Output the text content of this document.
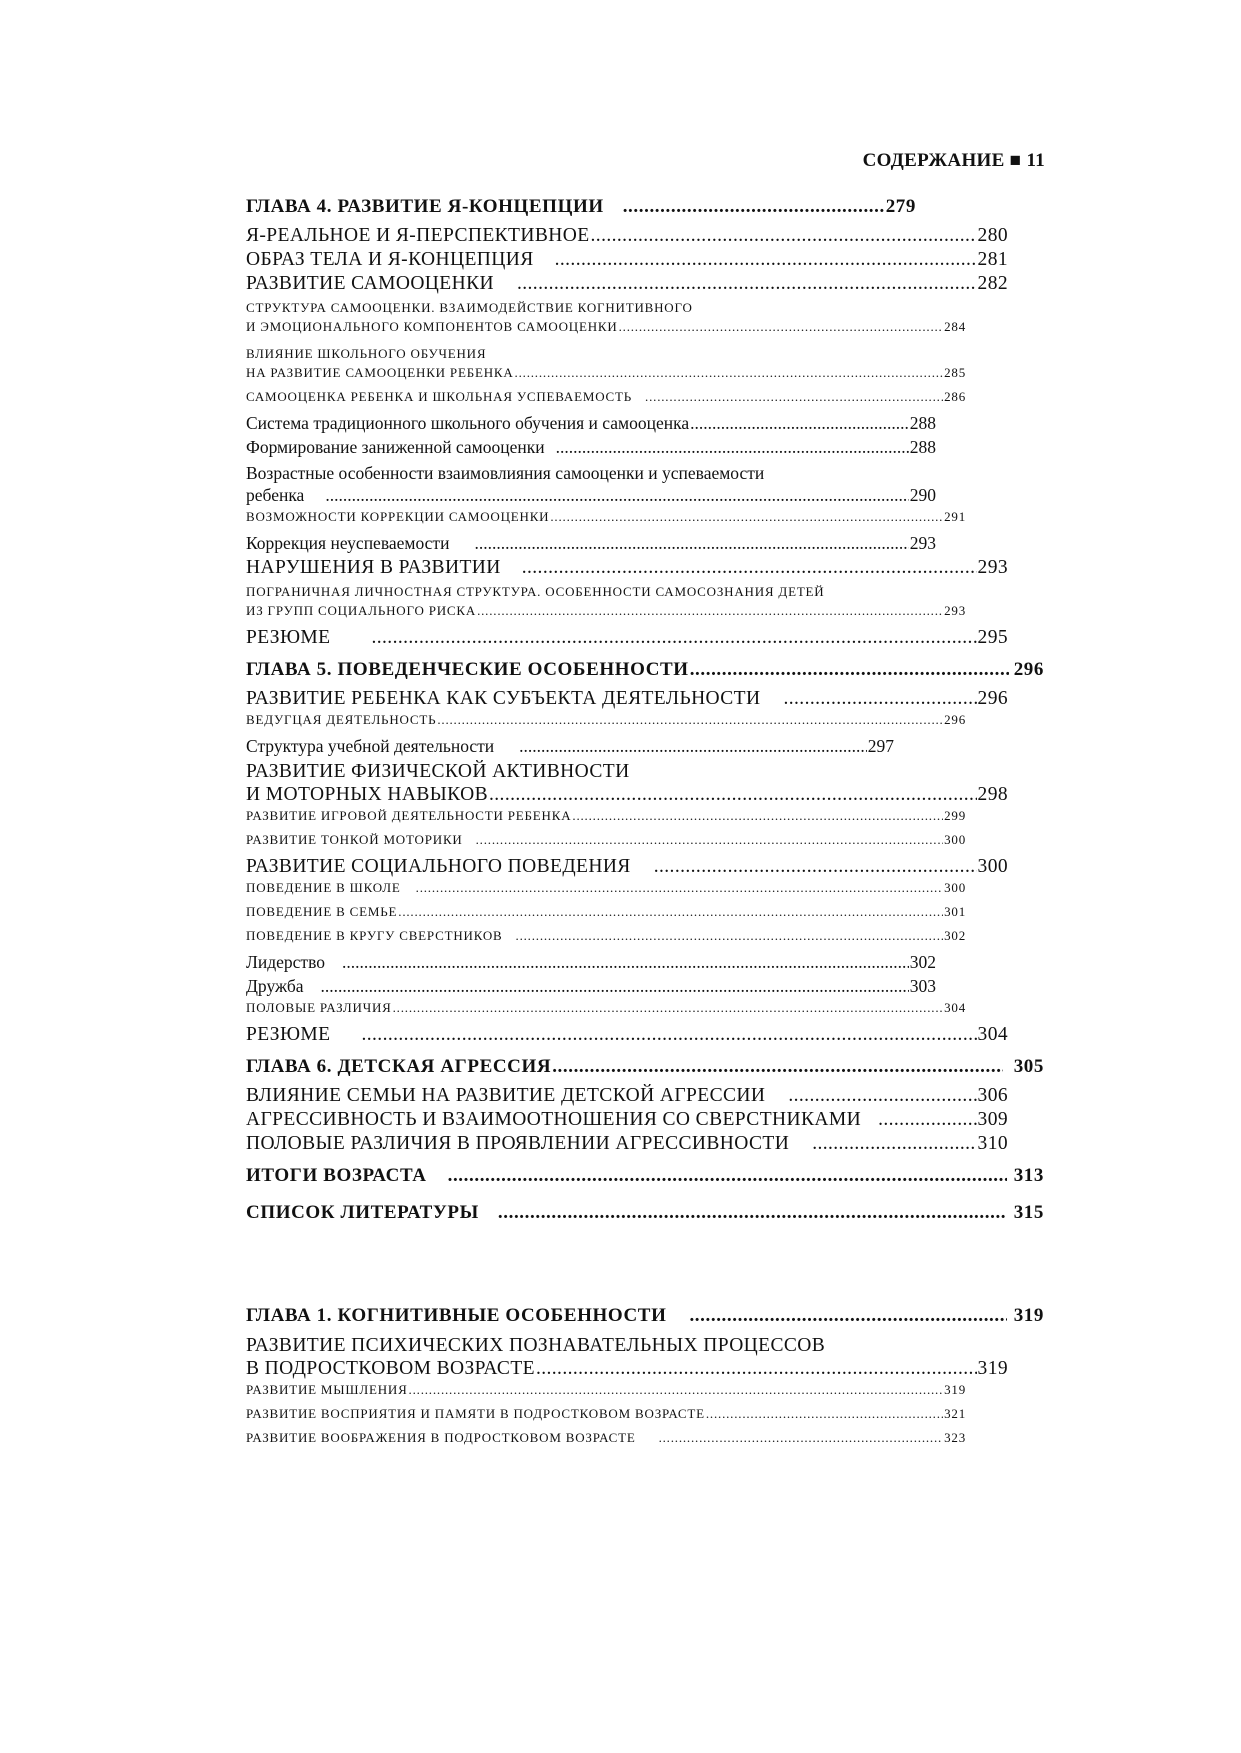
СОДЕРЖАНИЕ ■ 11
ГЛАВА 4. РАЗВИТИЕ Я-КОНЦЕПЦИИ .....	279
Я-РЕАЛЬНОЕ И Я-ПЕРСПЕКТИВНОЕ .....	280
ОБРАЗ ТЕЛА И Я-КОНЦЕПЦИЯ .....	281
РАЗВИТИЕ САМООЦЕНКИ .....	282
СТРУКТУРА САМООЦЕНКИ. ВЗАИМОДЕЙСТВИЕ КОГНИТИВНОГО
И ЭМОЦИОНАЛЬНОГО КОМПОНЕНТОВ САМООЦЕНКИ .....	284
ВЛИЯНИЕ ШКОЛЬНОГО ОБУЧЕНИЯ
НА РАЗВИТИЕ САМООЦЕНКИ РЕБЕНКА .....	285
САМООЦЕНКА РЕБЕНКА И ШКОЛЬНАЯ УСПЕВАЕМОСТЬ .....	286
Система традиционного школьного обучения и самооценка .....	288
Формирование заниженной самооценки .....	288
Возрастные особенности взаимовлияния самооценки и успеваемости
ребенка .....	290
ВОЗМОЖНОСТИ КОРРЕКЦИИ САМООЦЕНКИ .....	291
Коррекция неуспеваемости .....	293
НАРУШЕНИЯ В РАЗВИТИИ .....	293
ПОГРАНИЧНАЯ ЛИЧНОСТНАЯ СТРУКТУРА. ОСОБЕННОСТИ САМОСОЗНАНИЯ ДЕТЕЙ
ИЗ ГРУПП СОЦИАЛЬНОГО РИСКА .....	293
РЕЗЮМЕ .....	295
ГЛАВА 5. ПОВЕДЕНЧЕСКИЕ ОСОБЕННОСТИ .....	296
РАЗВИТИЕ РЕБЕНКА КАК СУБЪЕКТА ДЕЯТЕЛЬНОСТИ .....	296
ВЕДУГЦАЯ ДЕЯТЕЛЬНОСТЬ .....	296
Структура учебной деятельности .....	297
РАЗВИТИЕ ФИЗИЧЕСКОЙ АКТИВНОСТИ
И МОТОРНЫХ НАВЫКОВ .....	298
РАЗВИТИЕ ИГРОВОЙ ДЕЯТЕЛЬНОСТИ РЕБЕНКА .....	299
РАЗВИТИЕ ТОНКОЙ МОТОРИКИ .....	300
РАЗВИТИЕ СОЦИАЛЬНОГО ПОВЕДЕНИЯ .....	300
ПОВЕДЕНИЕ В ШКОЛЕ .....	300
ПОВЕДЕНИЕ В СЕМЬЕ .....	301
ПОВЕДЕНИЕ В КРУГУ СВЕРСТНИКОВ .....	302
Лидерство .....	302
Дружба .....	303
ПОЛОВЫЕ РАЗЛИЧИЯ .....	304
РЕЗЮМЕ .....	304
ГЛАВА 6. ДЕТСКАЯ АГРЕССИЯ .....	305
ВЛИЯНИЕ СЕМЬИ НА РАЗВИТИЕ ДЕТСКОЙ АГРЕССИИ .....	306
АГРЕССИВНОСТЬ И ВЗАИМООТНОШЕНИЯ СО СВЕРСТНИКАМИ .....	309
ПОЛОВЫЕ РАЗЛИЧИЯ В ПРОЯВЛЕНИИ АГРЕССИВНОСТИ .....	310
ИТОГИ ВОЗРАСТА .....	313
СПИСОК ЛИТЕРАТУРЫ .....	315
ГЛАВА 1. КОГНИТИВНЫЕ ОСОБЕННОСТИ .....	319
РАЗВИТИЕ ПСИХИЧЕСКИХ ПОЗНАВАТЕЛЬНЫХ ПРОЦЕССОВ
В ПОДРОСТКОВОМ ВОЗРАСТЕ .....	319
РАЗВИТИЕ МЫШЛЕНИЯ .....	319
РАЗВИТИЕ ВОСПРИЯТИЯ И ПАМЯТИ В ПОДРОСТКОВОМ ВОЗРАСТЕ .....	321
РАЗВИТИЕ ВООБРАЖЕНИЯ В ПОДРОСТКОВОМ ВОЗРАСТЕ .....	323
